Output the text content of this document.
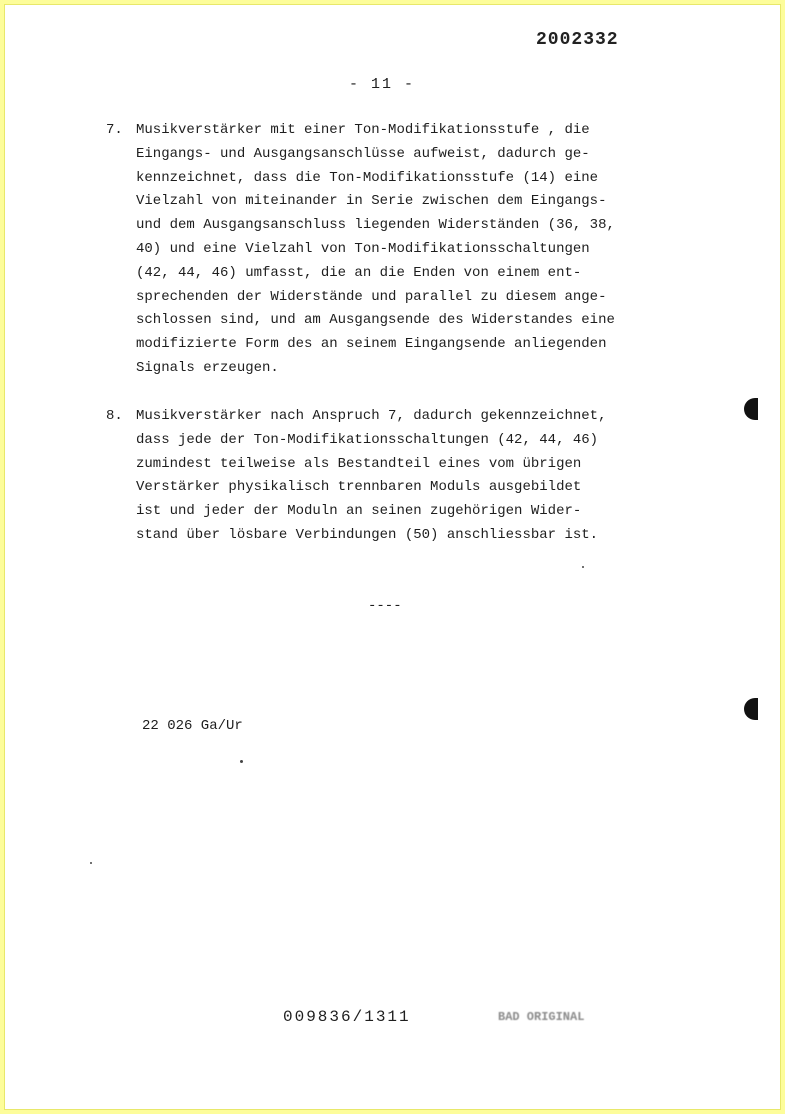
2002332
- 11 -
7. Musikverstärker mit einer Ton-Modifikationsstufe , die
Eingangs- und Ausgangsanschlüsse aufweist, dadurch ge-
kennzeichnet, dass die Ton-Modifikationsstufe (14) eine
Vielzahl von miteinander in Serie zwischen dem Eingangs-
und dem Ausgangsanschluss liegenden Widerständen (36, 38,
40) und eine Vielzahl von Ton-Modifikationsschaltungen
(42, 44, 46) umfasst, die an die Enden von einem ent-
sprechenden der Widerstände und parallel zu diesem ange-
schlossen sind, und am Ausgangsende des Widerstandes eine
modifizierte Form des an seinem Eingangsende anliegenden
Signals erzeugen.
8. Musikverstärker nach Anspruch 7, dadurch gekennzeichnet,
dass jede der Ton-Modifikationsschaltungen (42, 44, 46)
zumindest teilweise als Bestandteil eines vom übrigen
Verstärker physikalisch trennbaren Moduls ausgebildet
ist und jeder der Moduln an seinen zugehörigen Wider-
stand über lösbare Verbindungen (50) anschliessbar ist.
----
22 026 Ga/Ur
009836/1311	BAD ORIGINAL
